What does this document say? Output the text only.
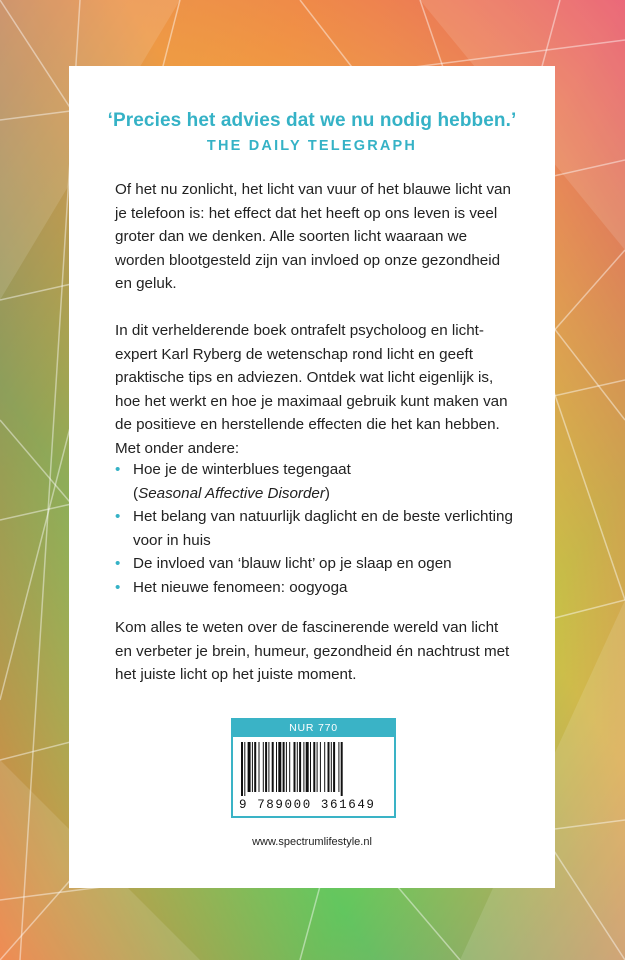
‘Precies het advies dat we nu nodig hebben.’
THE DAILY TELEGRAPH
Of het nu zonlicht, het licht van vuur of het blauwe licht van je telefoon is: het effect dat het heeft op ons leven is veel groter dan we denken. Alle soorten licht waaraan we worden blootgesteld zijn van invloed op onze gezondheid en geluk.
In dit verhelderende boek ontrafelt psycholoog en licht-expert Karl Ryberg de wetenschap rond licht en geeft praktische tips en adviezen. Ontdek wat licht eigenlijk is, hoe het werkt en hoe je maximaal gebruik kunt maken van de positieve en herstellende effecten die het kan hebben. Met onder andere:
• Hoe je de winterblues tegengaat
(Seasonal Affective Disorder)
• Het belang van natuurlijk daglicht en de beste verlichting voor in huis
• De invloed van ‘blauw licht’ op je slaap en ogen
• Het nieuwe fenomeen: oogyoga
Kom alles te weten over de fascinerende wereld van licht en verbeter je brein, humeur, gezondheid én nachtrust met het juiste licht op het juiste moment.
NUR 770
9 789000 361649
www.spectrumlifestyle.nl
